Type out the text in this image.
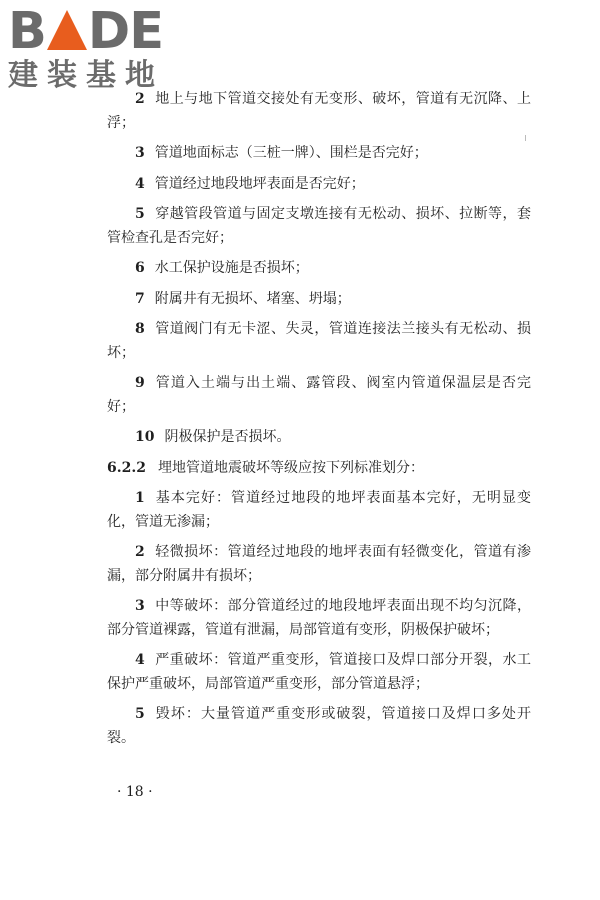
B DE
建装基地

2 地上与地下管道交接处有无变形、破坏，管道有无沉降、上浮；

3 管道地面标志（三桩一牌）、围栏是否完好；

4 管道经过地段地坪表面是否完好；

5 穿越管段管道与固定支墩连接有无松动、损坏、拉断等，套管检查孔是否完好；

6 水工保护设施是否损坏；

7 附属井有无损坏、堵塞、坍塌；

8 管道阀门有无卡涩、失灵，管道连接法兰接头有无松动、损坏；

9 管道入土端与出土端、露管段、阀室内管道保温层是否完好；

10 阴极保护是否损坏。

6.2.2 埋地管道地震破坏等级应按下列标准划分：

1 基本完好：管道经过地段的地坪表面基本完好，无明显变化，管道无渗漏；

2 轻微损坏：管道经过地段的地坪表面有轻微变化，管道有渗漏，部分附属井有损坏；

3 中等破坏：部分管道经过的地段地坪表面出现不均匀沉降，部分管道裸露，管道有泄漏，局部管道有变形，阴极保护破坏；

4 严重破坏：管道严重变形，管道接口及焊口部分开裂，水工保护严重破坏，局部管道严重变形，部分管道悬浮；

5 毁坏：大量管道严重变形或破裂，管道接口及焊口多处开裂。

· 18 ·
